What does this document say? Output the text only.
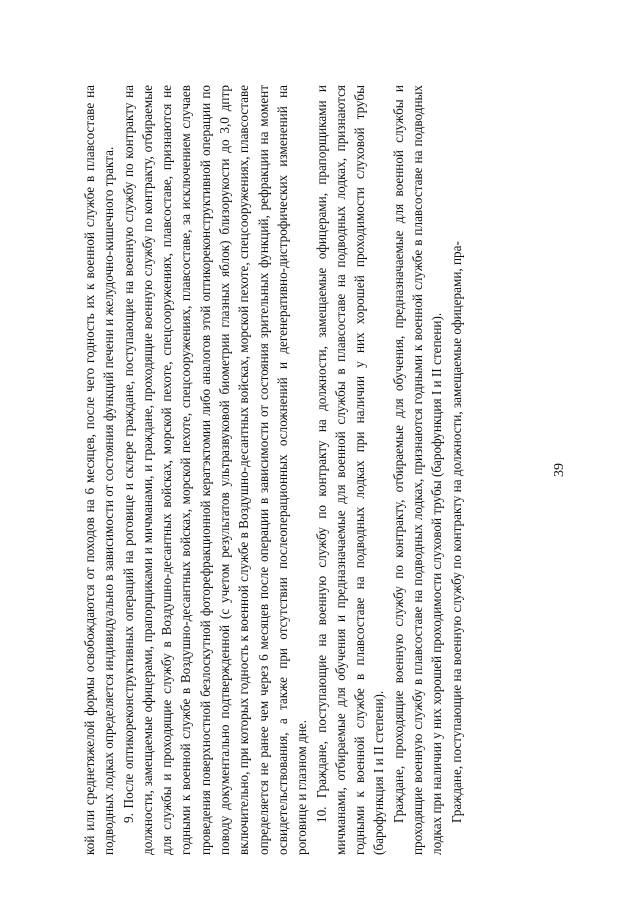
кой или среднетяжелой формы освобождаются от походов на 6 месяцев, после чего годность их к военной службе в плавсоставе на подводных лодках определяется индивидуально в зависимости от состояния функций печени и желудочно-кишечного тракта. 9. После оптикореконструктивных операций на роговице и склере граждане, поступающие на военную службу по контракту на должности, замещаемые офицерами, прапорщиками и мичманами, и граждане, проходящие военную службу по контракту, отбираемые для службы и проходящие службу в Воздушно-десантных войсках, морской пехоте, спецсооружениях, плавсоставе, признаются не годными к военной службе в Воздушно-десантных войсках, морской пехоте, спецсооружениях, плавсоставе, за исключением случаев проведения поверхностной безлоскутной фоторефракционной кератэктомии либо аналогов этой оптикореконструктивной операции по поводу документально подтвержденной (с учетом результатов ультразвуковой биометрии глазных яблок) близорукости до 3,0 дптр включительно, при которых годность к военной службе в Воздушно-десантных войсках, морской пехоте, спецсооружениях, плавсоставе определяется не ранее чем через 6 месяцев после операции в зависимости от состояния зрительных функций, рефракции на момент освидетельствования, а также при отсутствии послеоперационных осложнений и дегенеративно-дистрофических изменений на роговице и глазном дне. 10. Граждане, поступающие на военную службу по контракту на должности, замещаемые офицерами, прапорщиками и мичманами, отбираемые для обучения и предназначаемые для военной службы в плавсоставе на подводных лодках, признаются годными к военной службе в плавсоставе на подводных лодках при наличии у них хорошей проходимости слуховой трубы (барофункция I и II степени). Граждане, проходящие военную службу по контракту, отбираемые для обучения, предназначаемые для военной службы и проходящие военную службу в плавсоставе на подводных лодках, признаются годными к военной службе в плавсоставе на подводных лодках при наличии у них хорошей проходимости слуховой трубы (барофункция I и II степени). Граждане, поступающие на военную службу по контракту на должности, замещаемые офицерами, пра-	39
